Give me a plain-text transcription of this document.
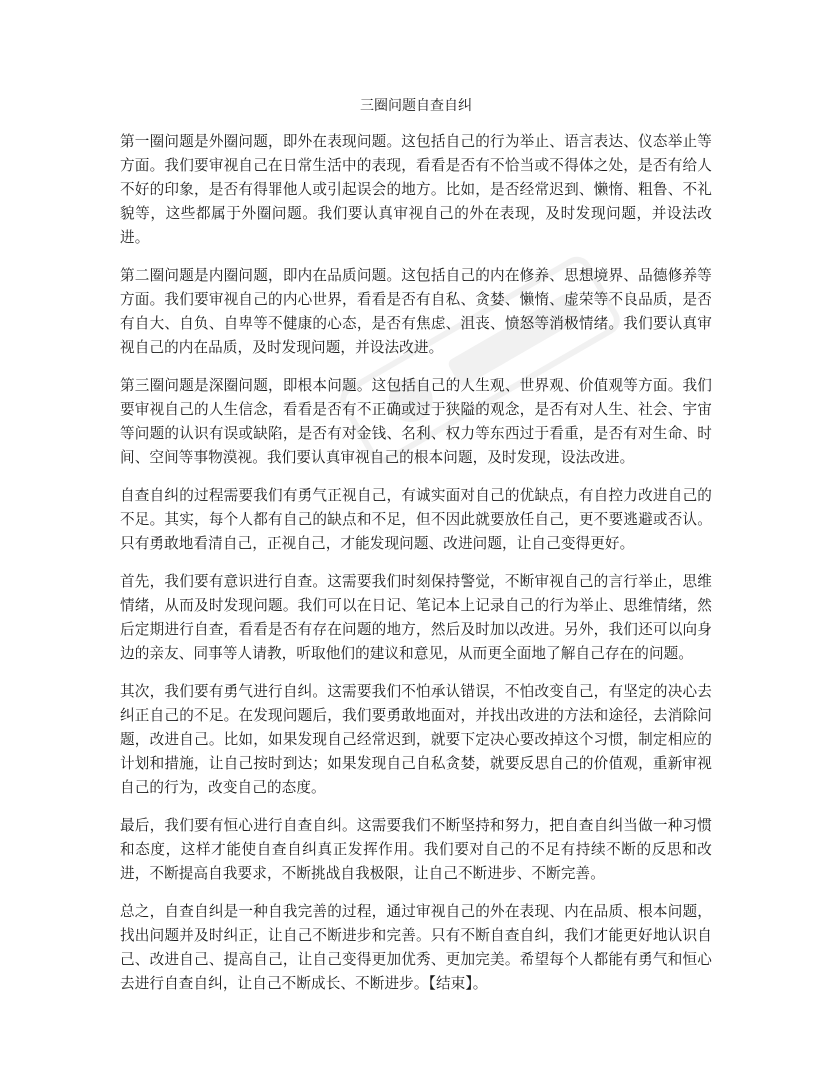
三圈问题自查自纠

第一圈问题是外圈问题，即外在表现问题。这包括自己的行为举止、语言表达、仪态举止等方面。我们要审视自己在日常生活中的表现，看看是否有不恰当或不得体之处，是否有给人不好的印象，是否有得罪他人或引起误会的地方。比如，是否经常迟到、懒惰、粗鲁、不礼貌等，这些都属于外圈问题。我们要认真审视自己的外在表现，及时发现问题，并设法改进。

第二圈问题是内圈问题，即内在品质问题。这包括自己的内在修养、思想境界、品德修养等方面。我们要审视自己的内心世界，看看是否有自私、贪婪、懒惰、虚荣等不良品质，是否有自大、自负、自卑等不健康的心态，是否有焦虑、沮丧、愤怒等消极情绪。我们要认真审视自己的内在品质，及时发现问题，并设法改进。

第三圈问题是深圈问题，即根本问题。这包括自己的人生观、世界观、价值观等方面。我们要审视自己的人生信念，看看是否有不正确或过于狭隘的观念，是否有对人生、社会、宇宙等问题的认识有误或缺陷，是否有对金钱、名利、权力等东西过于看重，是否有对生命、时间、空间等事物漠视。我们要认真审视自己的根本问题，及时发现，设法改进。

自查自纠的过程需要我们有勇气正视自己，有诚实面对自己的优缺点，有自控力改进自己的不足。其实，每个人都有自己的缺点和不足，但不因此就要放任自己，更不要逃避或否认。只有勇敢地看清自己，正视自己，才能发现问题、改进问题，让自己变得更好。

首先，我们要有意识进行自查。这需要我们时刻保持警觉，不断审视自己的言行举止，思维情绪，从而及时发现问题。我们可以在日记、笔记本上记录自己的行为举止、思维情绪，然后定期进行自查，看看是否有存在问题的地方，然后及时加以改进。另外，我们还可以向身边的亲友、同事等人请教，听取他们的建议和意见，从而更全面地了解自己存在的问题。

其次，我们要有勇气进行自纠。这需要我们不怕承认错误，不怕改变自己，有坚定的决心去纠正自己的不足。在发现问题后，我们要勇敢地面对，并找出改进的方法和途径，去消除问题，改进自己。比如，如果发现自己经常迟到，就要下定决心要改掉这个习惯，制定相应的计划和措施，让自己按时到达；如果发现自己自私贪婪，就要反思自己的价值观，重新审视自己的行为，改变自己的态度。

最后，我们要有恒心进行自查自纠。这需要我们不断坚持和努力，把自查自纠当做一种习惯和态度，这样才能使自查自纠真正发挥作用。我们要对自己的不足有持续不断的反思和改进，不断提高自我要求，不断挑战自我极限，让自己不断进步、不断完善。

总之，自查自纠是一种自我完善的过程，通过审视自己的外在表现、内在品质、根本问题，找出问题并及时纠正，让自己不断进步和完善。只有不断自查自纠，我们才能更好地认识自己、改进自己、提高自己，让自己变得更加优秀、更加完美。希望每个人都能有勇气和恒心去进行自查自纠，让自己不断成长、不断进步。【结束】。
